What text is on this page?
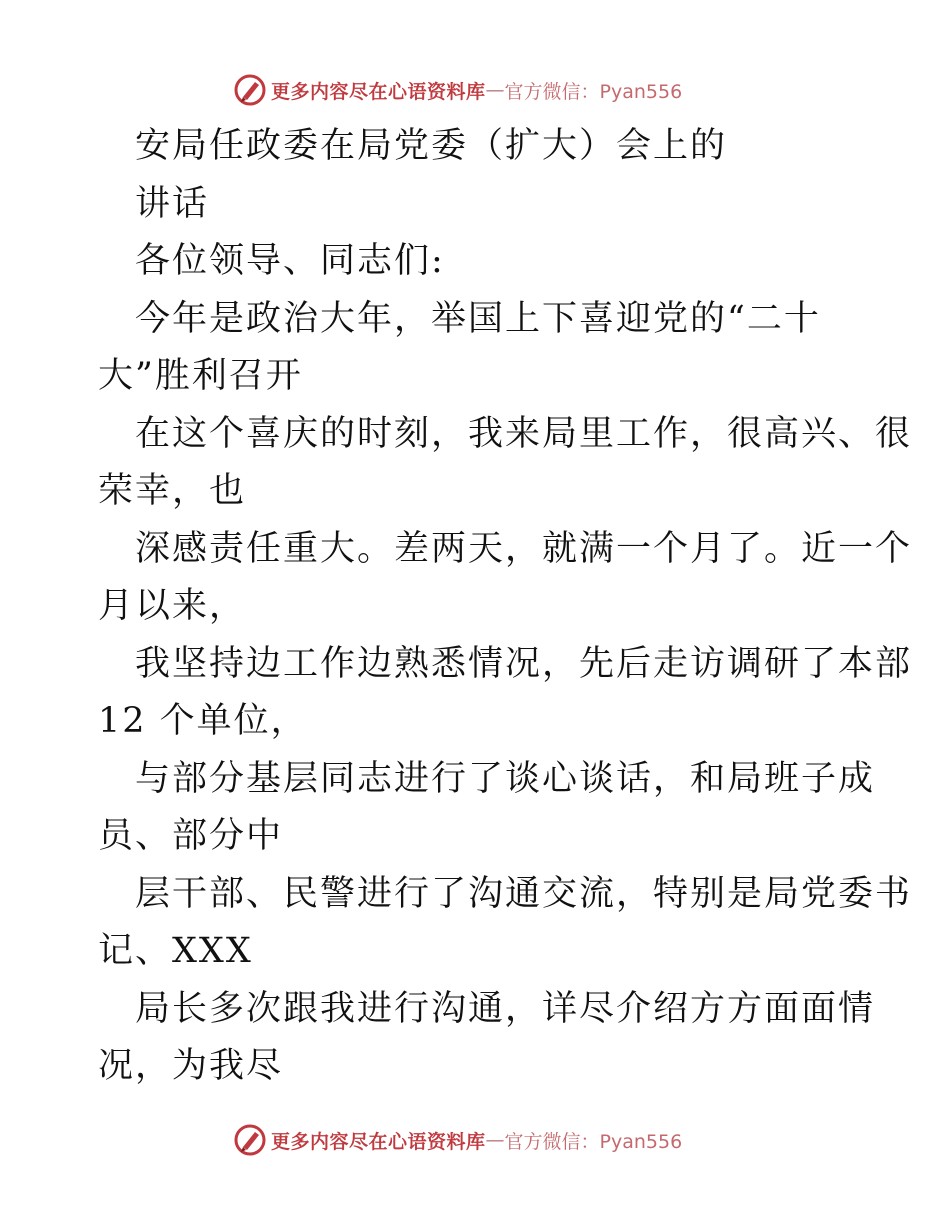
更多内容尽在心语资料库 — 官方微信：Pyan556
安局任政委在局党委（扩大）会上的
讲话
各位领导、同志们:
今年是政治大年，举国上下喜迎党的“二十
大”胜利召开
在这个喜庆的时刻，我来局里工作，很高兴、很
荣幸，也
深感责任重大。差两天，就满一个月了。近一个
月以来，
我坚持边工作边熟悉情况，先后走访调研了本部
12 个单位，
与部分基层同志进行了谈心谈话，和局班子成
员、部分中
层干部、民警进行了沟通交流，特别是局党委书
记、XXX
局长多次跟我进行沟通，详尽介绍方方面面情
况，为我尽
更多内容尽在心语资料库 — 官方微信：Pyan556
